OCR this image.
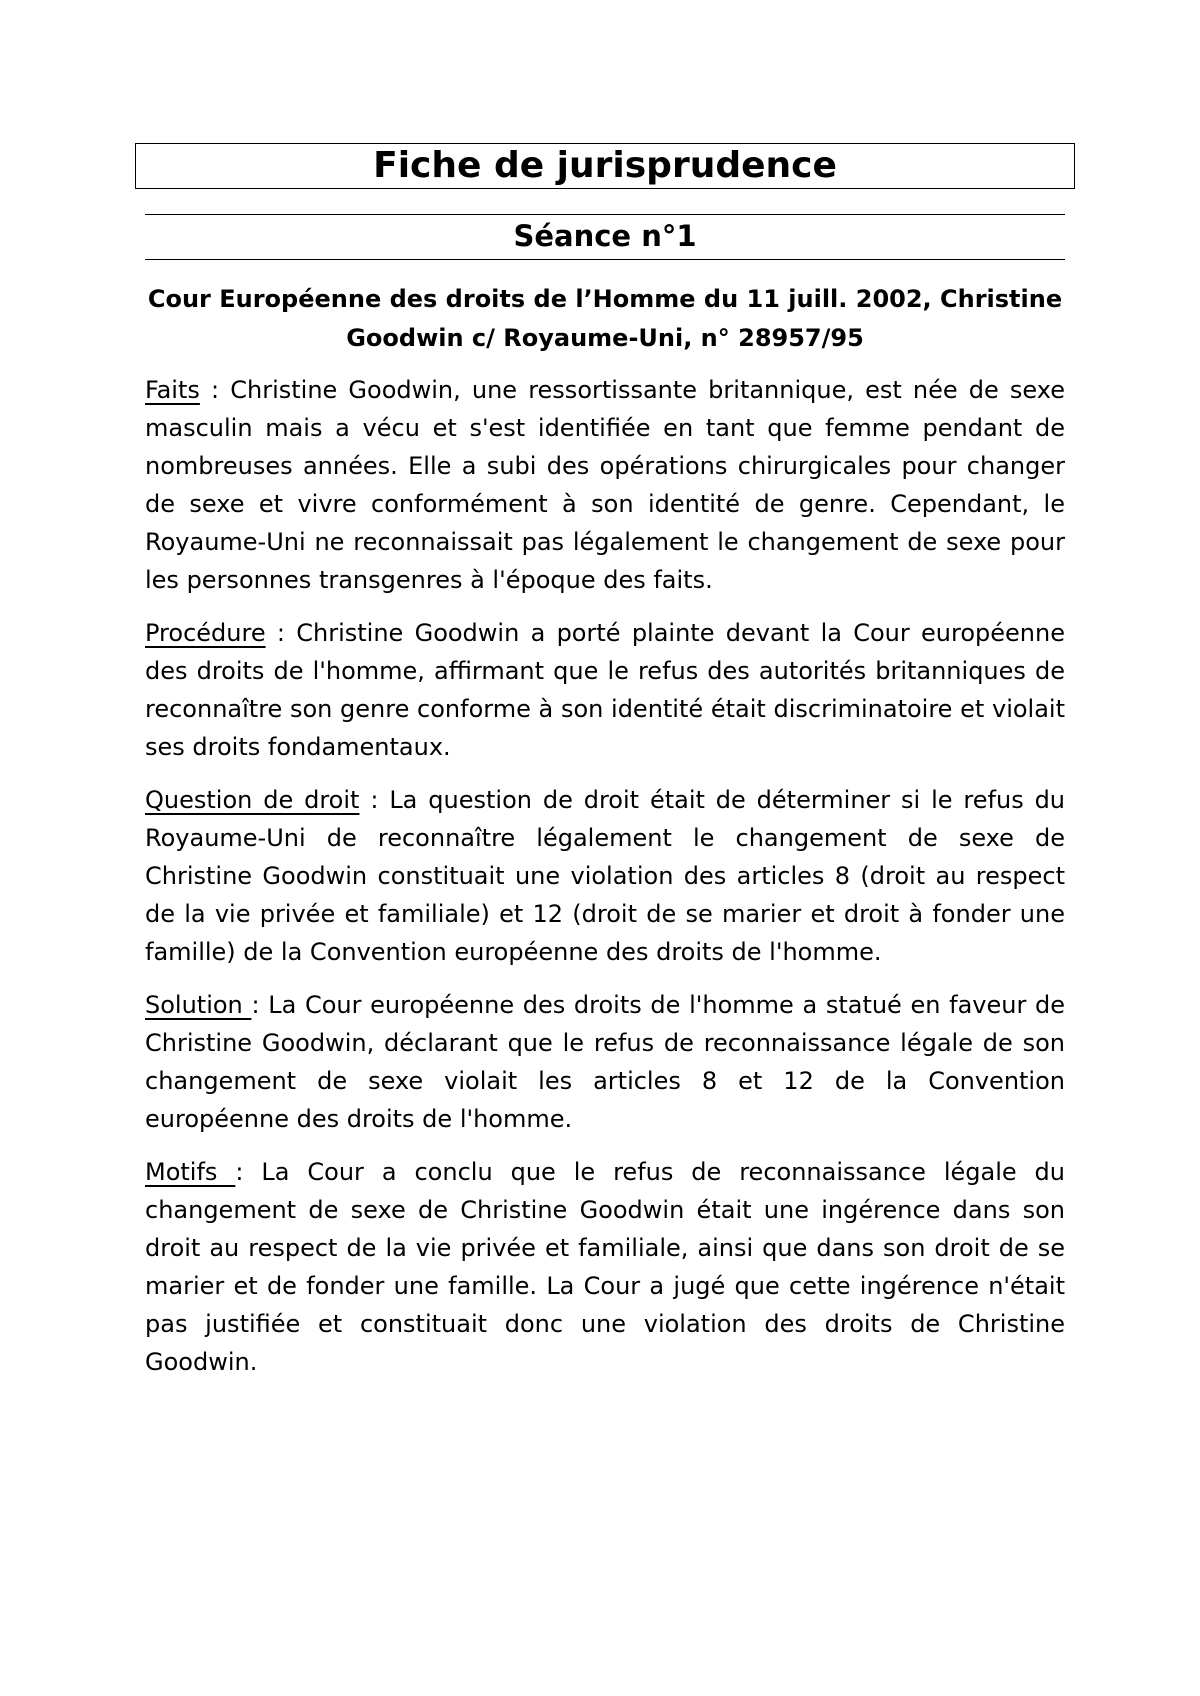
Fiche de jurisprudence
Séance n°1
Cour Européenne des droits de l’Homme du 11 juill. 2002, Christine Goodwin c/ Royaume-Uni, n° 28957/95

Faits : Christine Goodwin, une ressortissante britannique, est née de sexe masculin mais a vécu et s'est identifiée en tant que femme pendant de nombreuses années. Elle a subi des opérations chirurgicales pour changer de sexe et vivre conformément à son identité de genre. Cependant, le Royaume-Uni ne reconnaissait pas légalement le changement de sexe pour les personnes transgenres à l'époque des faits.

Procédure : Christine Goodwin a porté plainte devant la Cour européenne des droits de l'homme, affirmant que le refus des autorités britanniques de reconnaître son genre conforme à son identité était discriminatoire et violait ses droits fondamentaux.

Question de droit : La question de droit était de déterminer si le refus du Royaume-Uni de reconnaître légalement le changement de sexe de Christine Goodwin constituait une violation des articles 8 (droit au respect de la vie privée et familiale) et 12 (droit de se marier et droit à fonder une famille) de la Convention européenne des droits de l'homme.

Solution : La Cour européenne des droits de l'homme a statué en faveur de Christine Goodwin, déclarant que le refus de reconnaissance légale de son changement de sexe violait les articles 8 et 12 de la Convention européenne des droits de l'homme.

Motifs : La Cour a conclu que le refus de reconnaissance légale du changement de sexe de Christine Goodwin était une ingérence dans son droit au respect de la vie privée et familiale, ainsi que dans son droit de se marier et de fonder une famille. La Cour a jugé que cette ingérence n'était pas justifiée et constituait donc une violation des droits de Christine Goodwin.
